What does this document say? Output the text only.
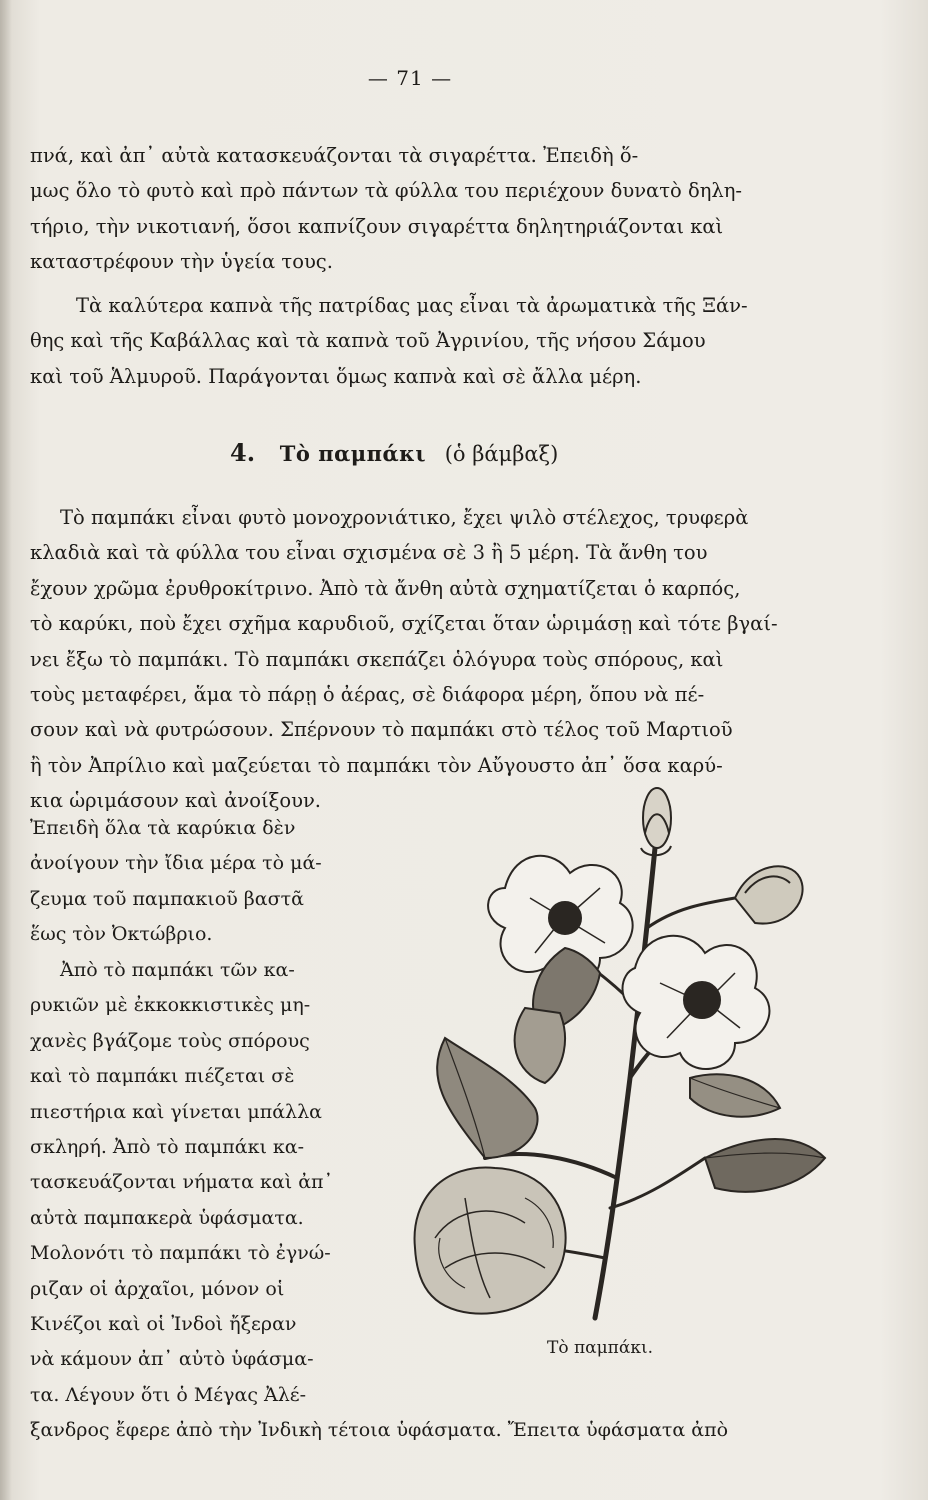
— 71 —
πνά, καὶ ἀπ᾽ αὐτὰ κατασκευάζονται τὰ σιγαρέττα. Ἐπειδὴ ὅ-
μως ὅλο τὸ φυτὸ καὶ πρὸ πάντων τὰ φύλλα του περιέχουν δυνατὸ δηλη-
τήριο, τὴν νικοτιανή, ὅσοι καπνίζουν σιγαρέττα δηλητηριάζονται καὶ
καταστρέφουν τὴν ὑγεία τους.
Τὰ καλύτερα καπνὰ τῆς πατρίδας μας εἶναι τὰ ἀρωματικὰ τῆς Ξάν-
θης καὶ τῆς Καβάλλας καὶ τὰ καπνὰ τοῦ Ἀγρινίου, τῆς νήσου Σάμου
καὶ τοῦ Ἁλμυροῦ. Παράγονται ὅμως καπνὰ καὶ σὲ ἄλλα μέρη.
4. Τὸ παμπάκι (ὁ βάμβαξ)
Τὸ παμπάκι εἶναι φυτὸ μονοχρονιάτικο, ἔχει ψιλὸ στέλεχος, τρυφερὰ
κλαδιὰ καὶ τὰ φύλλα του εἶναι σχισμένα σὲ 3 ἢ 5 μέρη. Τὰ ἄνθη του
ἔχουν χρῶμα ἐρυθροκίτρινο. Ἀπὸ τὰ ἄνθη αὐτὰ σχηματίζεται ὁ καρπός,
τὸ καρύκι, ποὺ ἔχει σχῆμα καρυδιοῦ, σχίζεται ὅταν ὡριμάσῃ καὶ τότε βγαί-
νει ἔξω τὸ παμπάκι. Τὸ παμπάκι σκεπάζει ὁλόγυρα τοὺς σπόρους, καὶ
τοὺς μεταφέρει, ἅμα τὸ πάρῃ ὁ ἀέρας, σὲ διάφορα μέρη, ὅπου νὰ πέ-
σουν καὶ νὰ φυτρώσουν. Σπέρνουν τὸ παμπάκι στὸ τέλος τοῦ Μαρτιοῦ
ἢ τὸν Ἀπρίλιο καὶ μαζεύεται τὸ παμπάκι τὸν Αὔγουστο ἀπ᾽ ὅσα καρύ-
κια ὡριμάσουν καὶ ἀνοίξουν.
Ἐπειδὴ ὅλα τὰ καρύκια δὲν
ἀνοίγουν τὴν ἴδια μέρα τὸ μά-
ζευμα τοῦ παμπακιοῦ βαστᾶ
ἕως τὸν Ὀκτώβριο.
Ἀπὸ τὸ παμπάκι τῶν κα-
ρυκιῶν μὲ ἐκκοκκιστικὲς μη-
χανὲς βγάζομε τοὺς σπόρους
καὶ τὸ παμπάκι πιέζεται σὲ
πιεστήρια καὶ γίνεται μπάλλα
σκληρή. Ἀπὸ τὸ παμπάκι κα-
τασκευάζονται νήματα καὶ ἀπ᾽
αὐτὰ παμπακερὰ ὑφάσματα.
Μολονότι τὸ παμπάκι τὸ ἐγνώ-
ριζαν οἱ ἀρχαῖοι, μόνον οἱ
Κινέζοι καὶ οἱ Ἰνδοὶ ἤξεραν
νὰ κάμουν ἀπ᾽ αὐτὸ ὑφάσμα-
τα. Λέγουν ὅτι ὁ Μέγας Ἀλέ-
ξανδρος ἔφερε ἀπὸ τὴν Ἰνδικὴ τέτοια ὑφάσματα. Ἔπειτα ὑφάσματα ἀπὸ
Τὸ παμπάκι.
